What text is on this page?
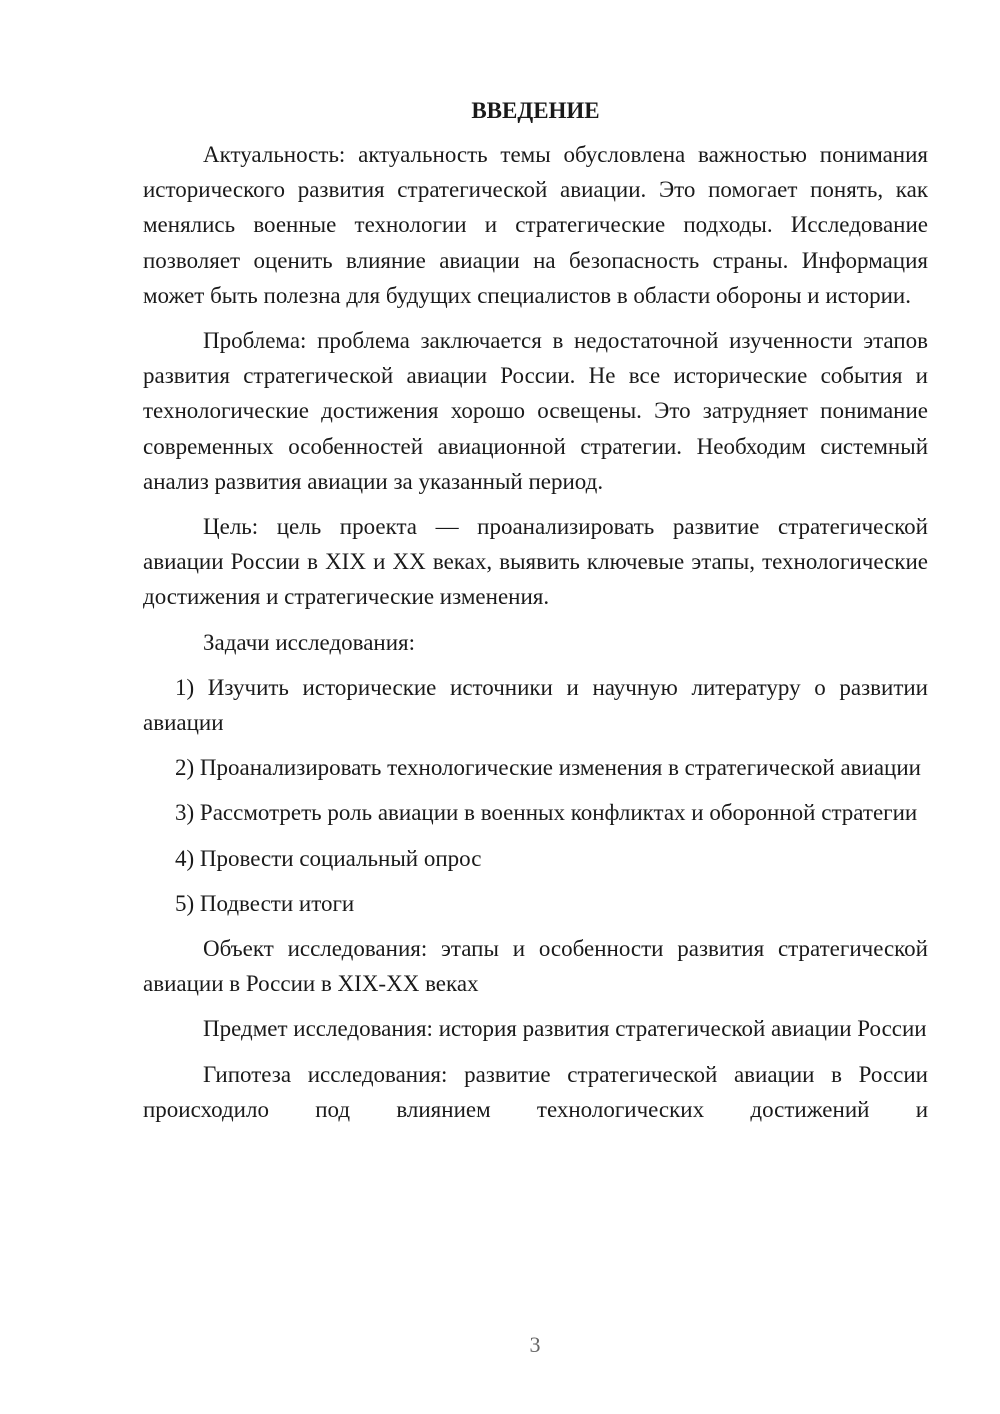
ВВЕДЕНИЕ

Актуальность: актуальность темы обусловлена важностью понимания исторического развития стратегической авиации. Это помогает понять, как менялись военные технологии и стратегические подходы. Исследование позволяет оценить влияние авиации на безопасность страны. Информация может быть полезна для будущих специалистов в области обороны и истории.

Проблема: проблема заключается в недостаточной изученности этапов развития стратегической авиации России. Не все исторические события и технологические достижения хорошо освещены. Это затрудняет понимание современных особенностей авиационной стратегии. Необходим системный анализ развития авиации за указанный период.

Цель: цель проекта — проанализировать развитие стратегической авиации России в XIX и XX веках, выявить ключевые этапы, технологические достижения и стратегические изменения.

Задачи исследования:

1) Изучить исторические источники и научную литературу о развитии авиации

2) Проанализировать технологические изменения в стратегической авиации

3) Рассмотреть роль авиации в военных конфликтах и оборонной стратегии

4) Провести социальный опрос

5) Подвести итоги

Объект исследования: этапы и особенности развития стратегической авиации в России в XIX-XX веках

Предмет исследования: история развития стратегической авиации России

Гипотеза исследования: развитие стратегической авиации в России происходило под влиянием технологических достижений и

3
